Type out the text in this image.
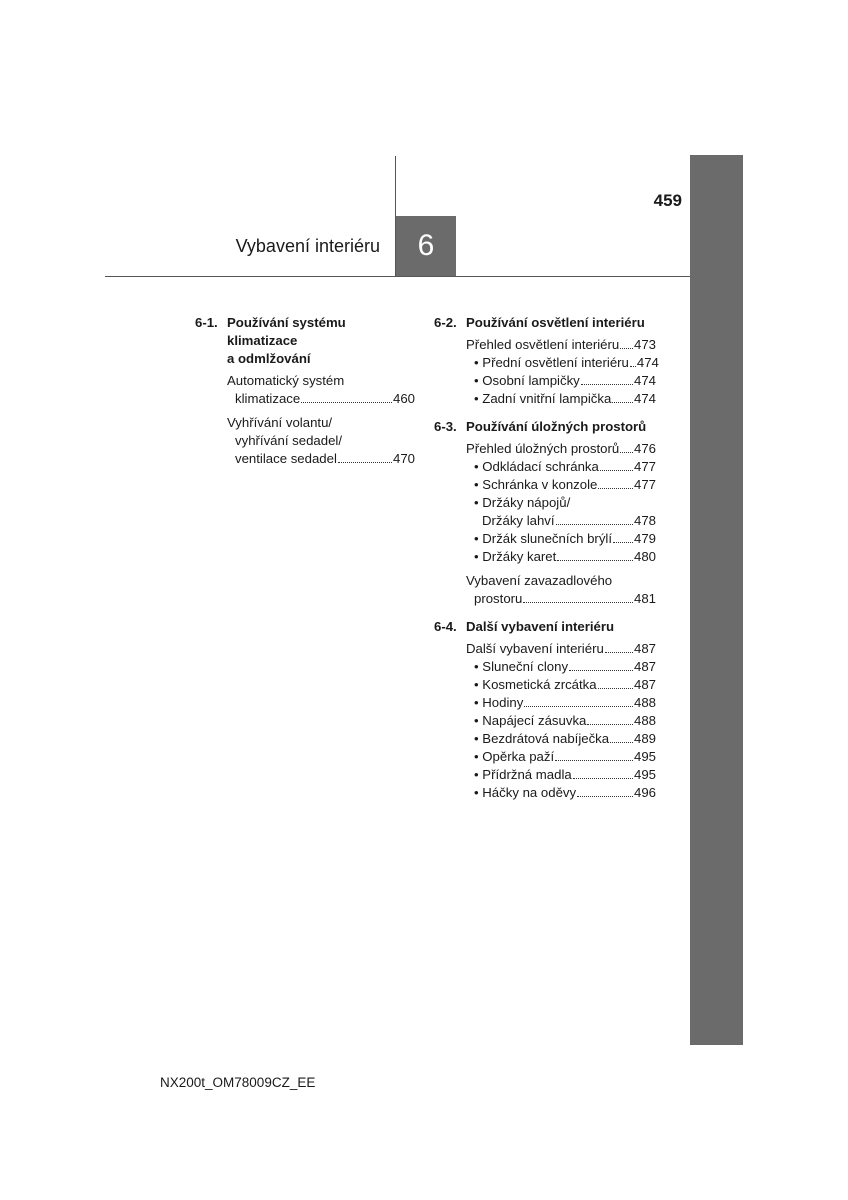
459
Vybavení interiéru	6
6-1. Používání systému klimatizace
a odmlžování
Automatický systém
klimatizace	460
Vyhřívání volantu/
vyhřívání sedadel/
ventilace sedadel	470
6-2. Používání osvětlení interiéru
Přehled osvětlení interiéru 473
• Přední osvětlení interiéru 474
• Osobní lampičky	474
• Zadní vnitřní lampička 474
6-3. Používání úložných prostorů
Přehled úložných prostorů 476
• Odkládací schránka	477
• Schránka v konzole	477
• Držáky nápojů/
Držáky lahví	478
• Držák slunečních brýlí 479
• Držáky karet	480
Vybavení zavazadlového
prostoru	481
6-4. Další vybavení interiéru
Další vybavení interiéru 487
• Sluneční clony	487
• Kosmetická zrcátka	487
• Hodiny	488
• Napájecí zásuvka	488
• Bezdrátová nabíječka 489
• Opěrka paží	495
• Přídržná madla	495
• Háčky na oděvy	496
NX200t_OM78009CZ_EE
